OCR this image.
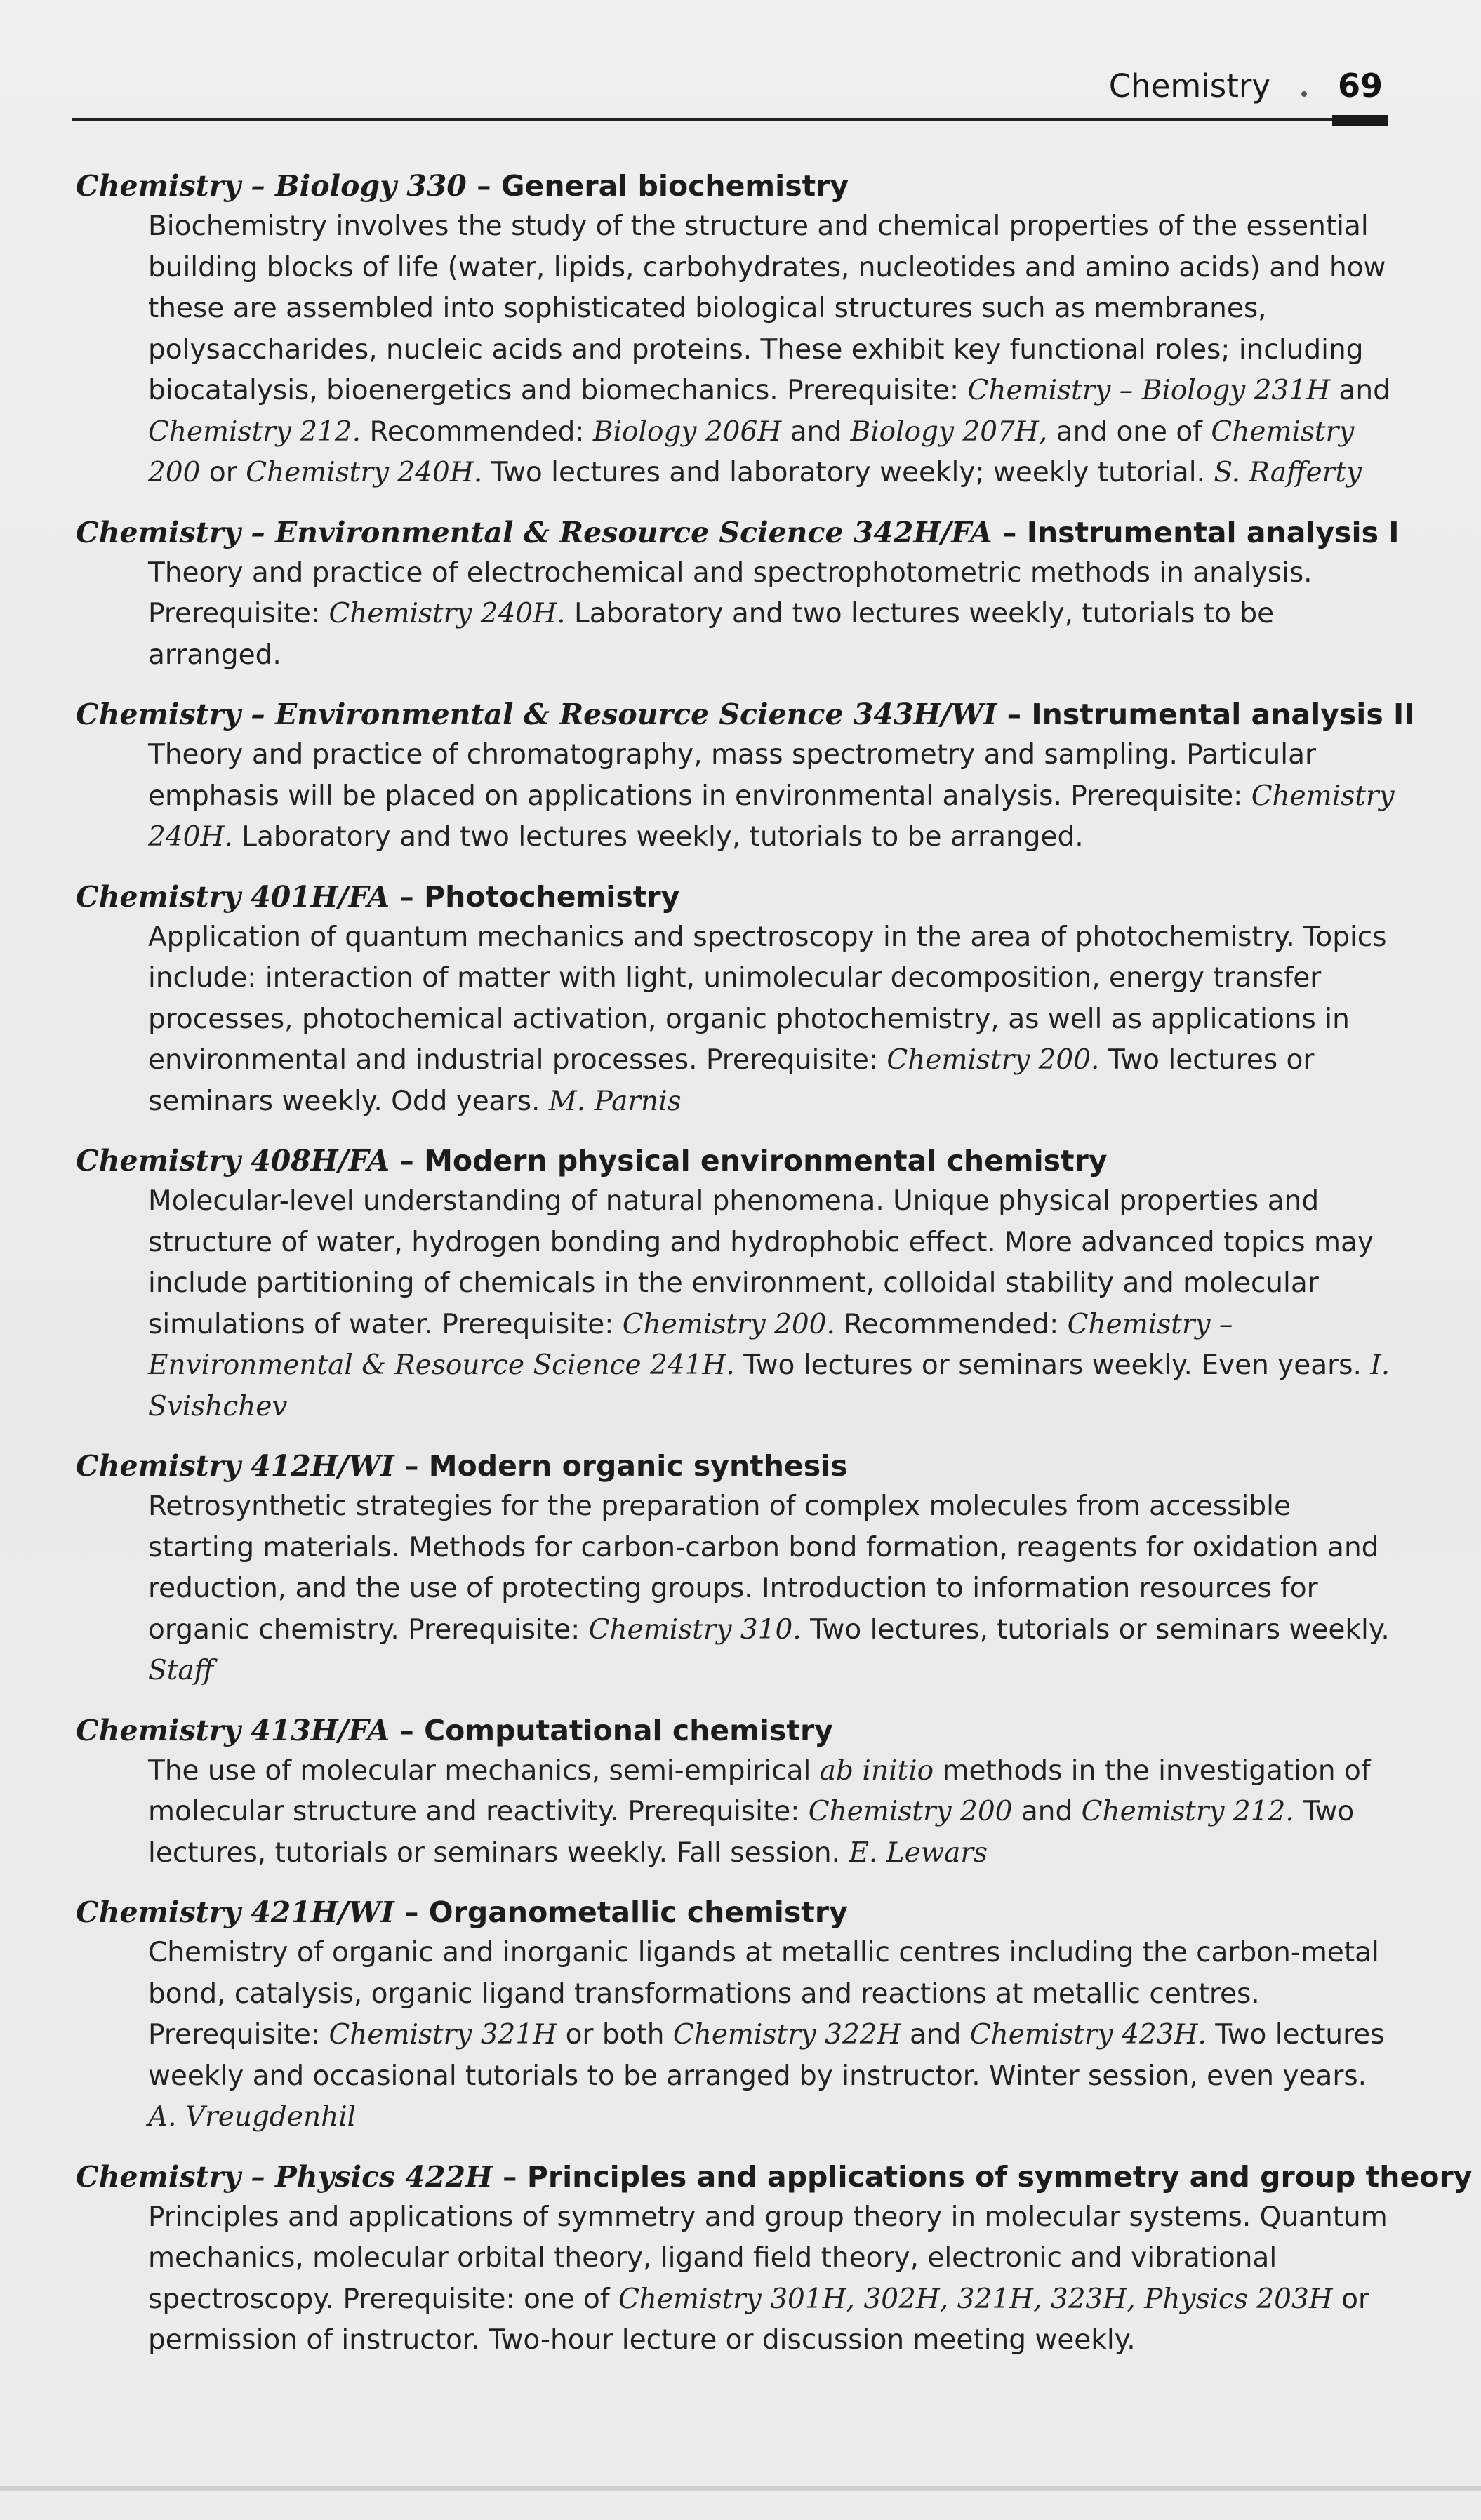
Chemistry 69
Chemistry – Biology 330 – General biochemistry
Biochemistry involves the study of the structure and chemical properties of the essential building blocks of life (water, lipids, carbohydrates, nucleotides and amino acids) and how these are assembled into sophisticated biological structures such as membranes, polysaccharides, nucleic acids and proteins. These exhibit key functional roles; including biocatalysis, bioenergetics and biomechanics. Prerequisite: Chemistry – Biology 231H and Chemistry 212. Recommended: Biology 206H and Biology 207H, and one of Chemistry 200 or Chemistry 240H. Two lectures and laboratory weekly; weekly tutorial. S. Rafferty
Chemistry – Environmental & Resource Science 342H/FA – Instrumental analysis I
Theory and practice of electrochemical and spectrophotometric methods in analysis. Prerequisite: Chemistry 240H. Laboratory and two lectures weekly, tutorials to be arranged.
Chemistry – Environmental & Resource Science 343H/WI – Instrumental analysis II
Theory and practice of chromatography, mass spectrometry and sampling. Particular emphasis will be placed on applications in environmental analysis. Prerequisite: Chemistry 240H. Laboratory and two lectures weekly, tutorials to be arranged.
Chemistry 401H/FA – Photochemistry
Application of quantum mechanics and spectroscopy in the area of photochemistry. Topics include: interaction of matter with light, unimolecular decomposition, energy transfer processes, photochemical activation, organic photochemistry, as well as applications in environmental and industrial processes. Prerequisite: Chemistry 200. Two lectures or seminars weekly. Odd years. M. Parnis
Chemistry 408H/FA – Modern physical environmental chemistry
Molecular-level understanding of natural phenomena. Unique physical properties and structure of water, hydrogen bonding and hydrophobic effect. More advanced topics may include partitioning of chemicals in the environment, colloidal stability and molecular simulations of water. Prerequisite: Chemistry 200. Recommended: Chemistry – Environmental & Resource Science 241H. Two lectures or seminars weekly. Even years. I. Svishchev
Chemistry 412H/WI – Modern organic synthesis
Retrosynthetic strategies for the preparation of complex molecules from accessible starting materials. Methods for carbon-carbon bond formation, reagents for oxidation and reduction, and the use of protecting groups. Introduction to information resources for organic chemistry. Prerequisite: Chemistry 310. Two lectures, tutorials or seminars weekly. Staff
Chemistry 413H/FA – Computational chemistry
The use of molecular mechanics, semi-empirical ab initio methods in the investigation of molecular structure and reactivity. Prerequisite: Chemistry 200 and Chemistry 212. Two lectures, tutorials or seminars weekly. Fall session. E. Lewars
Chemistry 421H/WI – Organometallic chemistry
Chemistry of organic and inorganic ligands at metallic centres including the carbon-metal bond, catalysis, organic ligand transformations and reactions at metallic centres. Prerequisite: Chemistry 321H or both Chemistry 322H and Chemistry 423H. Two lectures weekly and occasional tutorials to be arranged by instructor. Winter session, even years. A. Vreugdenhil
Chemistry – Physics 422H – Principles and applications of symmetry and group theory
Principles and applications of symmetry and group theory in molecular systems. Quantum mechanics, molecular orbital theory, ligand field theory, electronic and vibrational spectroscopy. Prerequisite: one of Chemistry 301H, 302H, 321H, 323H, Physics 203H or permission of instructor. Two-hour lecture or discussion meeting weekly.
